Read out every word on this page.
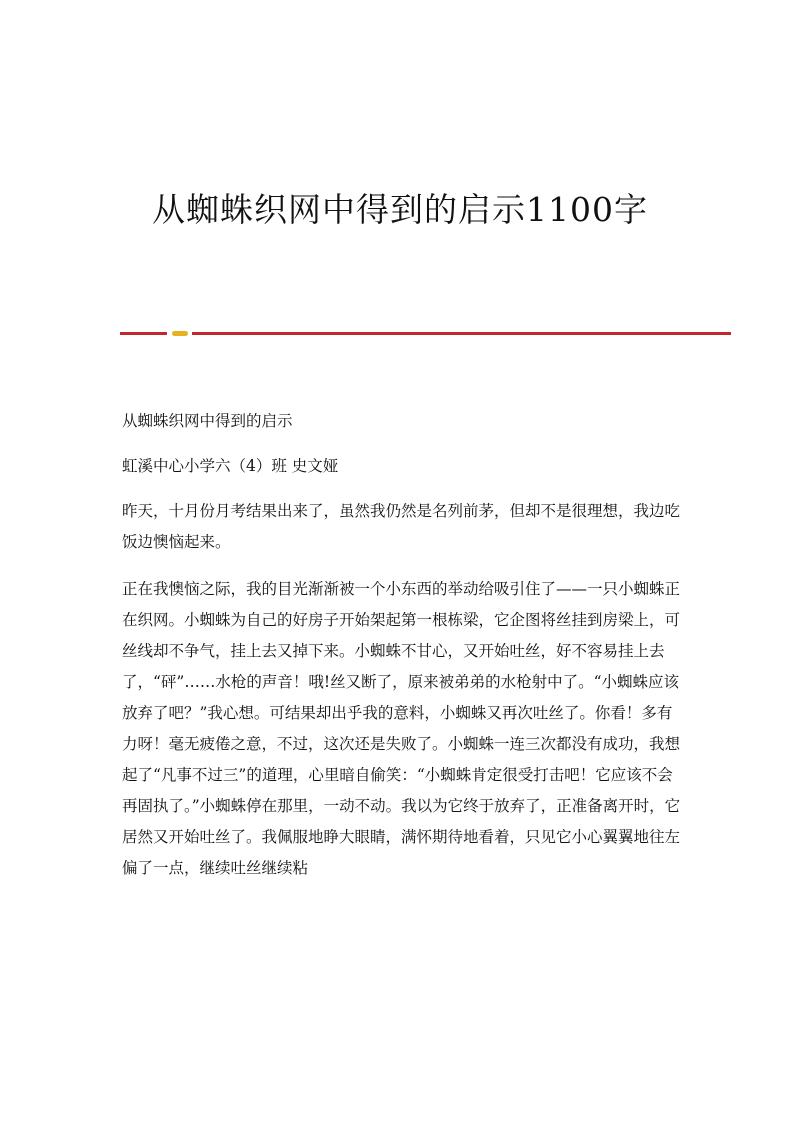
从蜘蛛织网中得到的启示1100字

从蜘蛛织网中得到的启示

虹溪中心小学六（4）班 史文娅

昨天，十月份月考结果出来了，虽然我仍然是名列前茅，但却不是很理想，我边吃饭边懊恼起来。

正在我懊恼之际，我的目光渐渐被一个小东西的举动给吸引住了——一只小蜘蛛正在织网。小蜘蛛为自己的好房子开始架起第一根栋梁，它企图将丝挂到房梁上，可丝线却不争气，挂上去又掉下来。小蜘蛛不甘心，又开始吐丝，好不容易挂上去了，“砰”……水枪的声音！哦!丝又断了，原来被弟弟的水枪射中了。“小蜘蛛应该放弃了吧？”我心想。可结果却出乎我的意料，小蜘蛛又再次吐丝了。你看！多有力呀！毫无疲倦之意，不过，这次还是失败了。小蜘蛛一连三次都没有成功，我想起了“凡事不过三”的道理，心里暗自偷笑：“小蜘蛛肯定很受打击吧！它应该不会再固执了。”小蜘蛛停在那里，一动不动。我以为它终于放弃了，正准备离开时，它居然又开始吐丝了。我佩服地睁大眼睛，满怀期待地看着，只见它小心翼翼地往左偏了一点，继续吐丝继续粘
